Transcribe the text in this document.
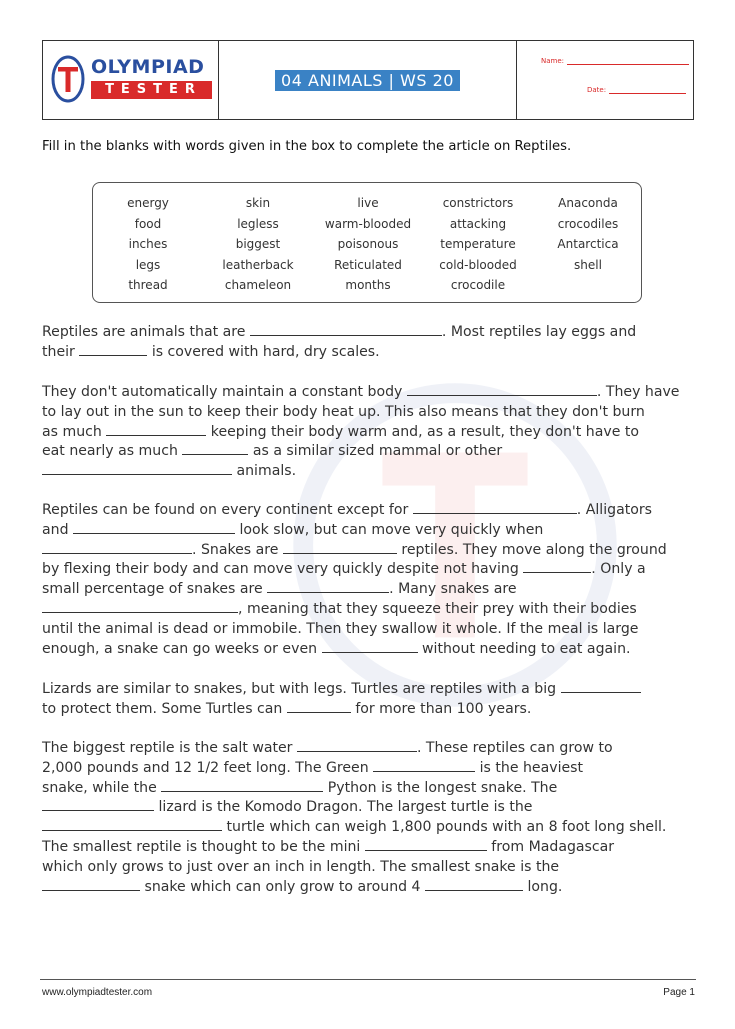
OLYMPIAD
TESTER	04 ANIMALS | WS 20
Name:
Date:
Fill in the blanks with words given in the box to complete the article on Reptiles.
energy	skin	live	constrictors	Anaconda
food	legless	warm-blooded	attacking	crocodiles
inches	biggest	poisonous	temperature	Antarctica
legs	leatherback	Reticulated	cold-blooded	shell
thread	chameleon	months	crocodile
Reptiles are animals that are	. Most reptiles lay eggs and
their	is covered with hard, dry scales.
They don't automatically maintain a constant body	. They have
to lay out in the sun to keep their body heat up. This also means that they don't burn
as much	keeping their body warm and, as a result, they don't have to
eat nearly as much	as a similar sized mammal or other
animals.
Reptiles can be found on every continent except for	. Alligators
and	look slow, but can move very quickly when
. Snakes are	reptiles. They move along the ground
by flexing their body and can move very quickly despite not having	. Only a
small percentage of snakes are	. Many snakes are
, meaning that they squeeze their prey with their bodies
until the animal is dead or immobile. Then they swallow it whole. If the meal is large
enough, a snake can go weeks or even	without needing to eat again.
Lizards are similar to snakes, but with legs. Turtles are reptiles with a big
to protect them. Some Turtles can	for more than 100 years.
The biggest reptile is the salt water	. These reptiles can grow to
2,000 pounds and 12 1/2 feet long. The Green	is the heaviest
snake, while the	Python is the longest snake. The
lizard is the Komodo Dragon. The largest turtle is the
turtle which can weigh 1,800 pounds with an 8 foot long shell.
The smallest reptile is thought to be the mini	from Madagascar
which only grows to just over an inch in length. The smallest snake is the
snake which can only grow to around 4	long.
www.olympiadtester.com	Page 1
